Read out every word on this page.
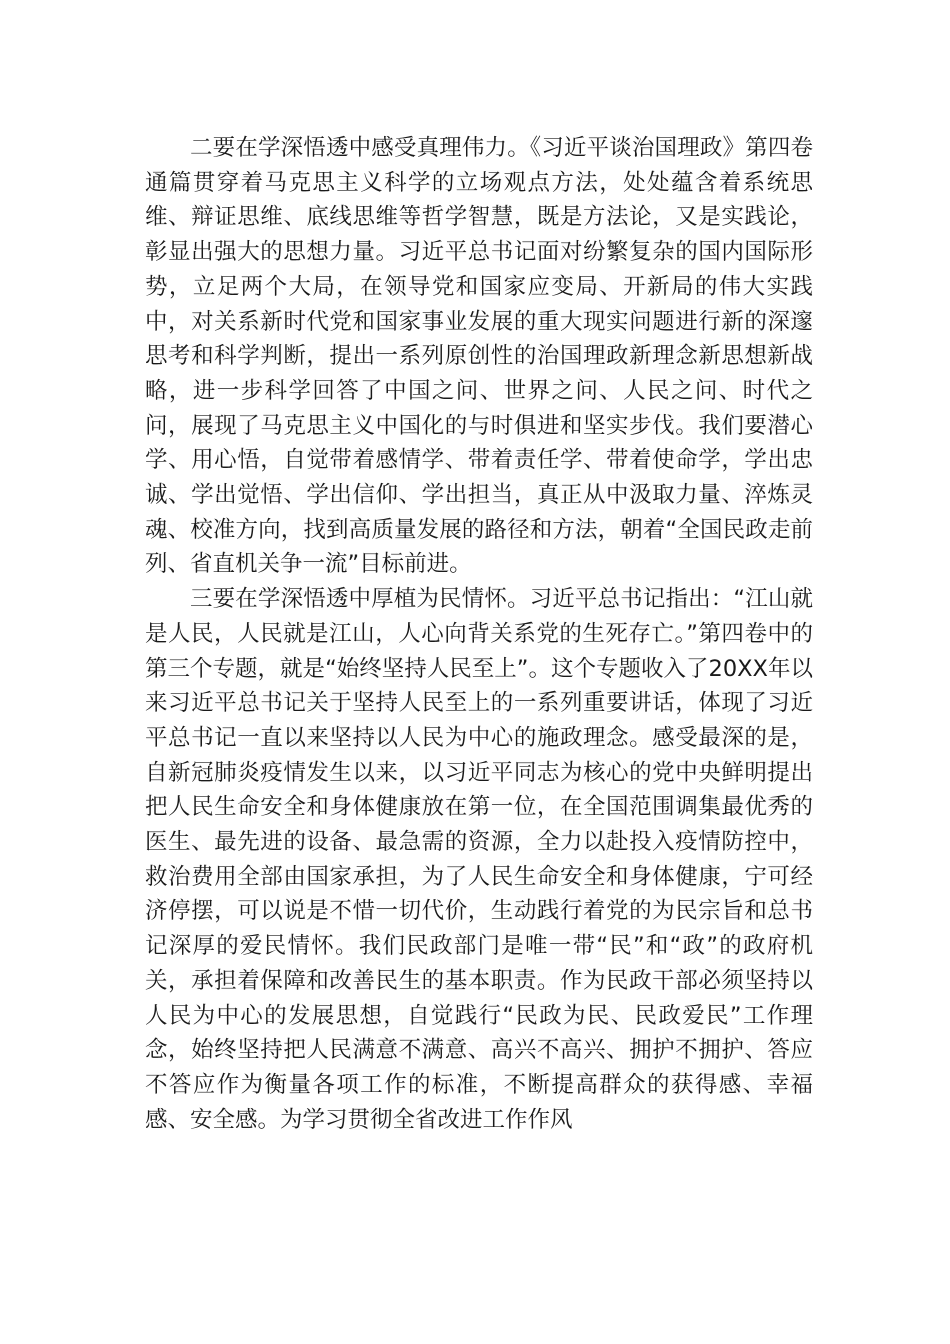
二要在学深悟透中感受真理伟力。《习近平谈治国理政》第四卷通篇贯穿着马克思主义科学的立场观点方法，处处蕴含着系统思维、辩证思维、底线思维等哲学智慧，既是方法论，又是实践论，彰显出强大的思想力量。习近平总书记面对纷繁复杂的国内国际形势，立足两个大局，在领导党和国家应变局、开新局的伟大实践中，对关系新时代党和国家事业发展的重大现实问题进行新的深邃思考和科学判断，提出一系列原创性的治国理政新理念新思想新战略，进一步科学回答了中国之问、世界之问、人民之问、时代之问，展现了马克思主义中国化的与时俱进和坚实步伐。我们要潜心学、用心悟，自觉带着感情学、带着责任学、带着使命学，学出忠诚、学出觉悟、学出信仰、学出担当，真正从中汲取力量、淬炼灵魂、校准方向，找到高质量发展的路径和方法，朝着“全国民政走前列、省直机关争一流”目标前进。

三要在学深悟透中厚植为民情怀。习近平总书记指出：“江山就是人民，人民就是江山，人心向背关系党的生死存亡。”第四卷中的第三个专题，就是“始终坚持人民至上”。这个专题收入了20XX年以来习近平总书记关于坚持人民至上的一系列重要讲话，体现了习近平总书记一直以来坚持以人民为中心的施政理念。感受最深的是，自新冠肺炎疫情发生以来，以习近平同志为核心的党中央鲜明提出把人民生命安全和身体健康放在第一位，在全国范围调集最优秀的医生、最先进的设备、最急需的资源，全力以赴投入疫情防控中，救治费用全部由国家承担，为了人民生命安全和身体健康，宁可经济停摆，可以说是不惜一切代价，生动践行着党的为民宗旨和总书记深厚的爱民情怀。我们民政部门是唯一带“民”和“政”的政府机关，承担着保障和改善民生的基本职责。作为民政干部必须坚持以人民为中心的发展思想，自觉践行“民政为民、民政爱民”工作理念，始终坚持把人民满意不满意、高兴不高兴、拥护不拥护、答应不答应作为衡量各项工作的标准，不断提高群众的获得感、幸福感、安全感。为学习贯彻全省改进工作作风
